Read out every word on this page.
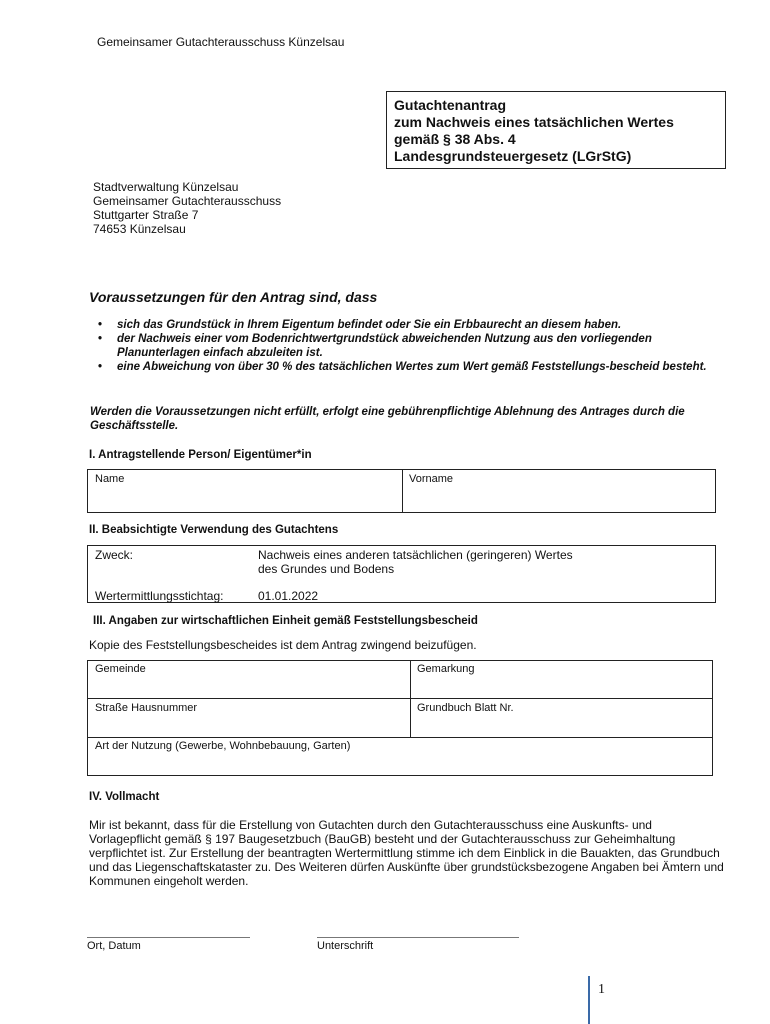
Gemeinsamer Gutachterausschuss Künzelsau
Gutachtenantrag
zum Nachweis eines tatsächlichen Wertes
gemäß § 38 Abs. 4
Landesgrundsteuergesetz (LGrStG)
Stadtverwaltung Künzelsau
Gemeinsamer Gutachterausschuss
Stuttgarter Straße 7
74653 Künzelsau
Voraussetzungen für den Antrag sind, dass
• sich das Grundstück in Ihrem Eigentum befindet oder Sie ein Erbbaurecht an diesem haben.
• der Nachweis einer vom Bodenrichtwertgrundstück abweichenden Nutzung aus den vorliegenden Planunterlagen einfach abzuleiten ist.
• eine Abweichung von über 30 % des tatsächlichen Wertes zum Wert gemäß Feststellungs-bescheid besteht.
Werden die Voraussetzungen nicht erfüllt, erfolgt eine gebührenpflichtige Ablehnung des Antrages durch die Geschäftsstelle.
I. Antragstellende Person/ Eigentümer*in
Name	Vorname
II. Beabsichtigte Verwendung des Gutachtens
Zweck:	Nachweis eines anderen tatsächlichen (geringeren) Wertes
des Grundes und Bodens
Wertermittlungsstichtag:	01.01.2022
III. Angaben zur wirtschaftlichen Einheit gemäß Feststellungsbescheid
Kopie des Feststellungsbescheides ist dem Antrag zwingend beizufügen.
Gemeinde	Gemarkung
Straße Hausnummer	Grundbuch Blatt Nr.
Art der Nutzung (Gewerbe, Wohnbebauung, Garten)
IV. Vollmacht
Mir ist bekannt, dass für die Erstellung von Gutachten durch den Gutachterausschuss eine Auskunfts- und Vorlagepflicht gemäß § 197 Baugesetzbuch (BauGB) besteht und der Gutachterausschuss zur Geheimhaltung verpflichtet ist. Zur Erstellung der beantragten Wertermittlung stimme ich dem Einblick in die Bauakten, das Grundbuch und das Liegenschaftskataster zu. Des Weiteren dürfen Auskünfte über grundstücksbezogene Angaben bei Ämtern und Kommunen eingeholt werden.
Ort, Datum	Unterschrift
1
